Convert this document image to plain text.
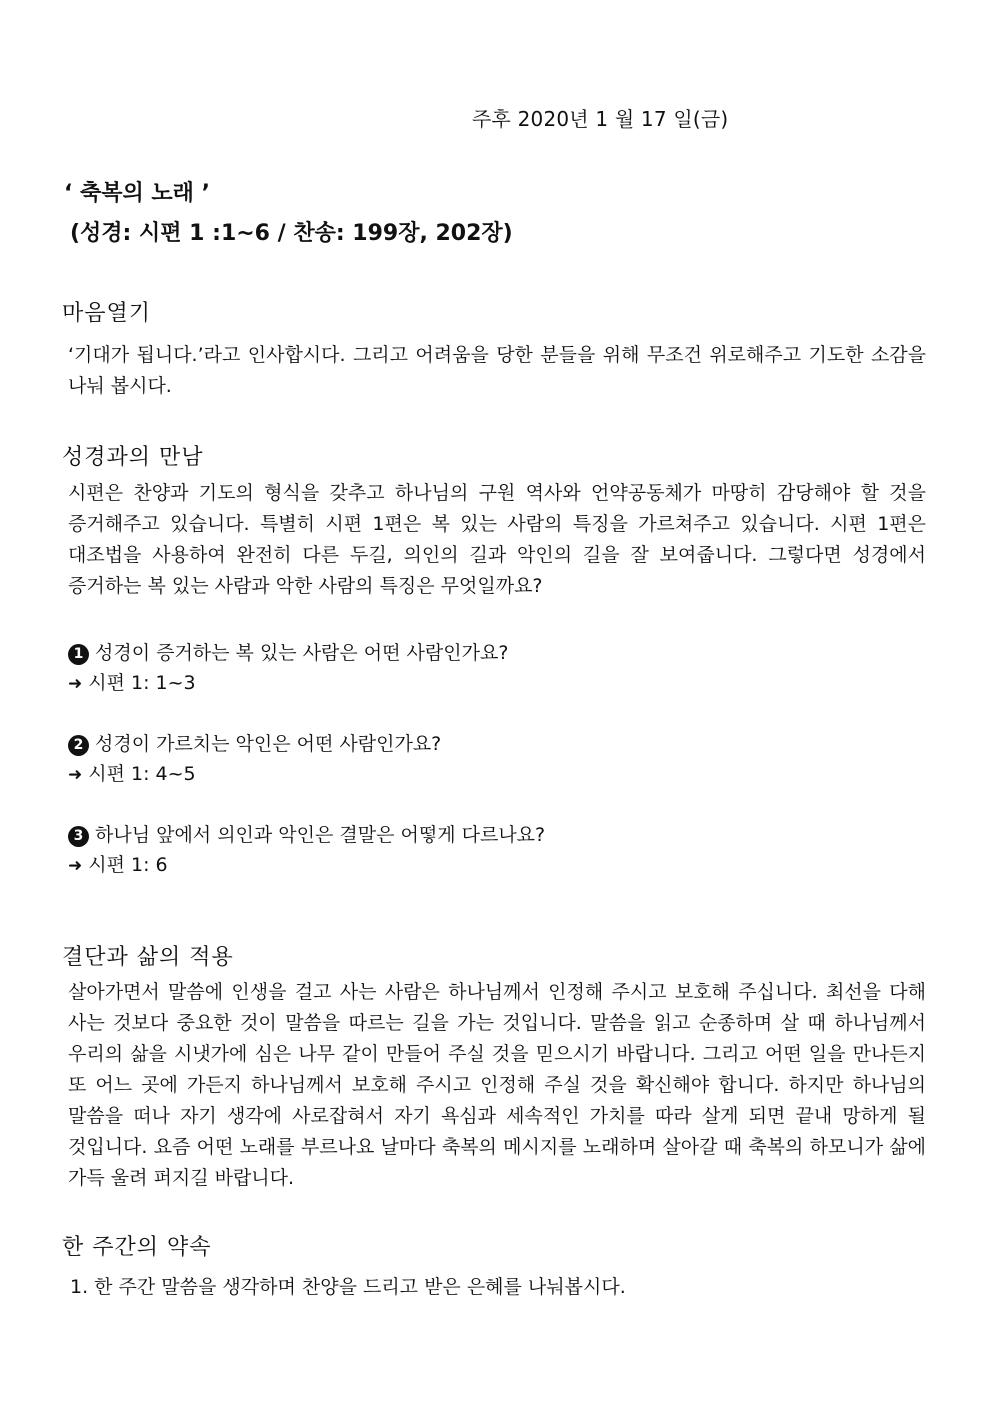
주후 2020년 1 월 17 일(금)
‘ 축복의 노래 ’
(성경: 시편 1 :1~6 / 찬송: 199장, 202장)
마음열기
‘기대가 됩니다.’라고 인사합시다. 그리고 어려움을 당한 분들을 위해 무조건 위로해주고 기도한 소감을 나눠 봅시다.
성경과의 만남
시편은 찬양과 기도의 형식을 갖추고 하나님의 구원 역사와 언약공동체가 마땅히 감당해야 할 것을 증거해주고 있습니다. 특별히 시편 1편은 복 있는 사람의 특징을 가르쳐주고 있습니다. 시편 1편은 대조법을 사용하여 완전히 다른 두길, 의인의 길과 악인의 길을 잘 보여줍니다. 그렇다면 성경에서 증거하는 복 있는 사람과 악한 사람의 특징은 무엇일까요?
1 성경이 증거하는 복 있는 사람은 어떤 사람인가요?
➜ 시편 1: 1~3
2 성경이 가르치는 악인은 어떤 사람인가요?
➜ 시편 1: 4~5
3 하나님 앞에서 의인과 악인은 결말은 어떻게 다르나요?
➜ 시편 1: 6
결단과 삶의 적용
살아가면서 말씀에 인생을 걸고 사는 사람은 하나님께서 인정해 주시고 보호해 주십니다. 최선을 다해 사는 것보다 중요한 것이 말씀을 따르는 길을 가는 것입니다. 말씀을 읽고 순종하며 살 때 하나님께서 우리의 삶을 시냇가에 심은 나무 같이 만들어 주실 것을 믿으시기 바랍니다. 그리고 어떤 일을 만나든지 또 어느 곳에 가든지 하나님께서 보호해 주시고 인정해 주실 것을 확신해야 합니다. 하지만 하나님의 말씀을 떠나 자기 생각에 사로잡혀서 자기 욕심과 세속적인 가치를 따라 살게 되면 끝내 망하게 될 것입니다. 요즘 어떤 노래를 부르나요 날마다 축복의 메시지를 노래하며 살아갈 때 축복의 하모니가 삶에 가득 울려 퍼지길 바랍니다.
한 주간의 약속
1. 한 주간 말씀을 생각하며 찬양을 드리고 받은 은혜를 나눠봅시다.
